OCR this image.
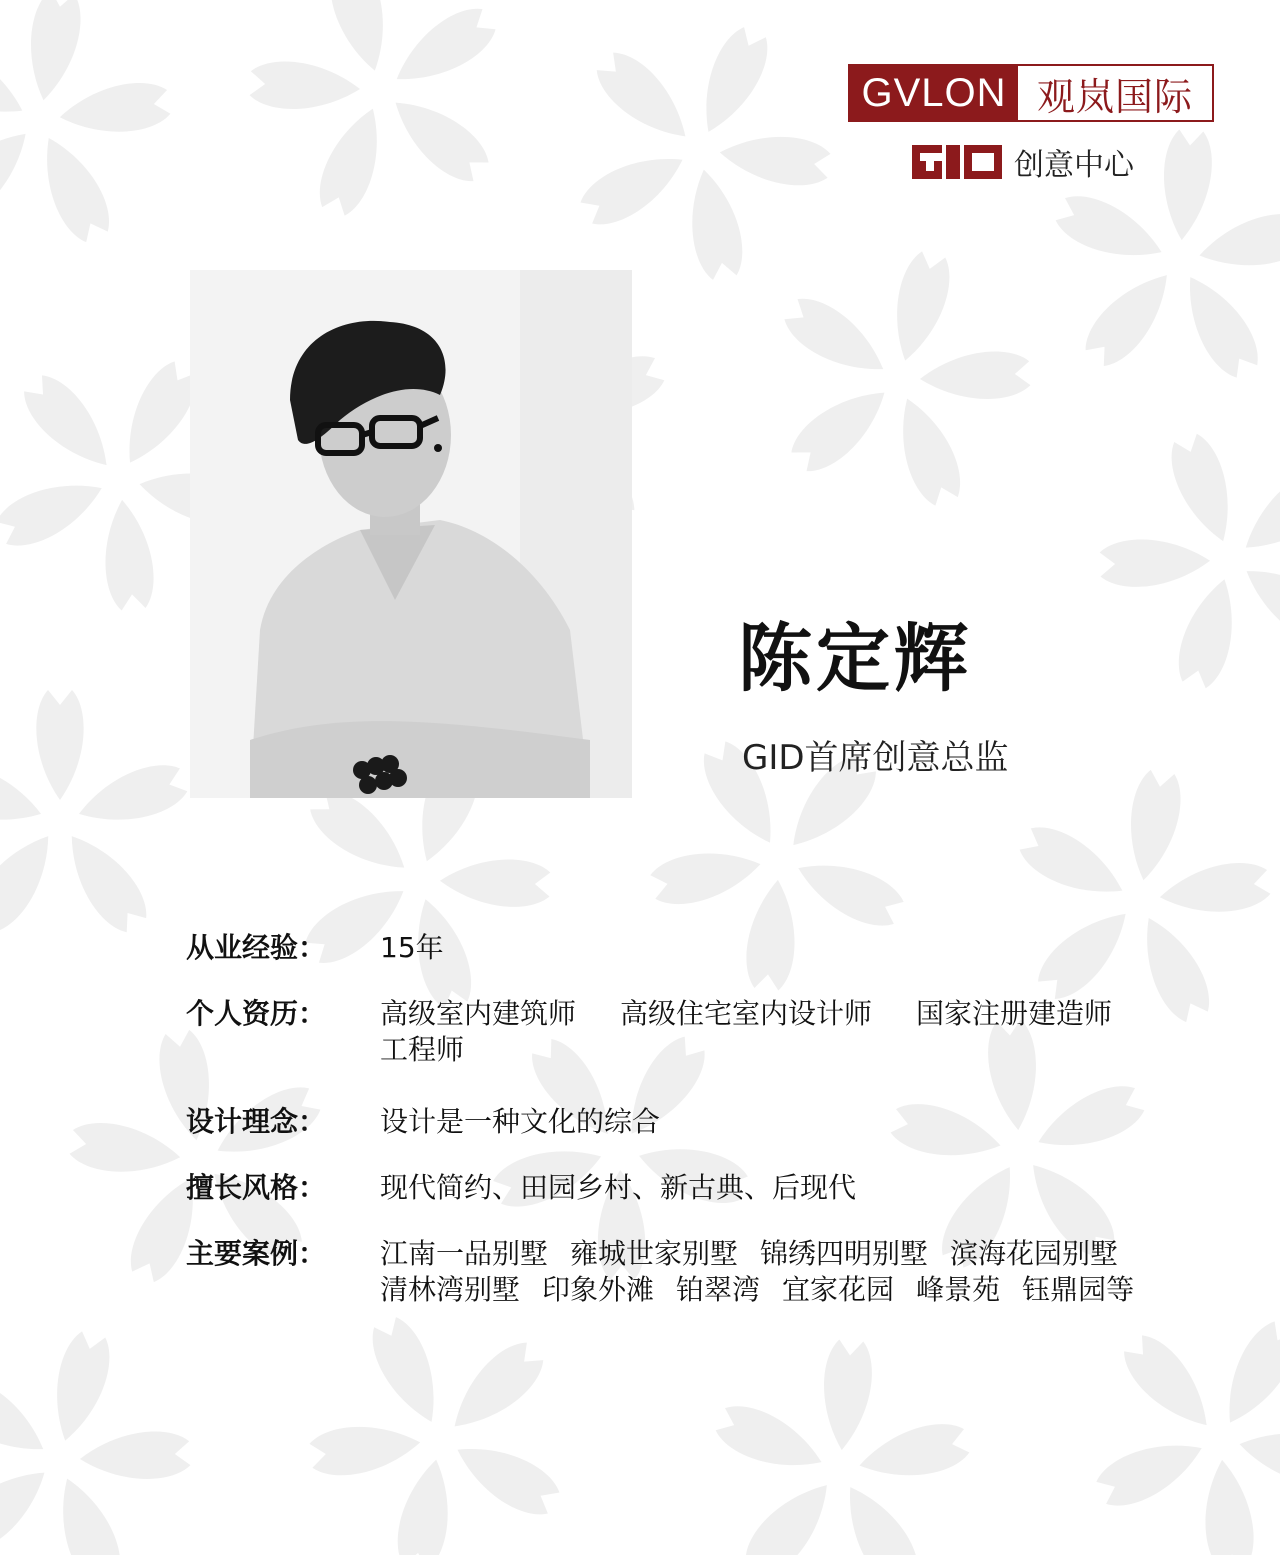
GVLON 观岚国际
创意中心
陈定辉
GID首席创意总监
从业经验：	15年
个人资历：	高级室内建筑师 高级住宅室内设计师 国家注册建造师
工程师
设计理念：	设计是一种文化的综合
擅长风格：	现代简约、田园乡村、新古典、后现代
主要案例：	江南一品别墅 雍城世家别墅 锦绣四明别墅 滨海花园别墅
清林湾别墅 印象外滩 铂翠湾 宜家花园 峰景苑 钰鼎园等
